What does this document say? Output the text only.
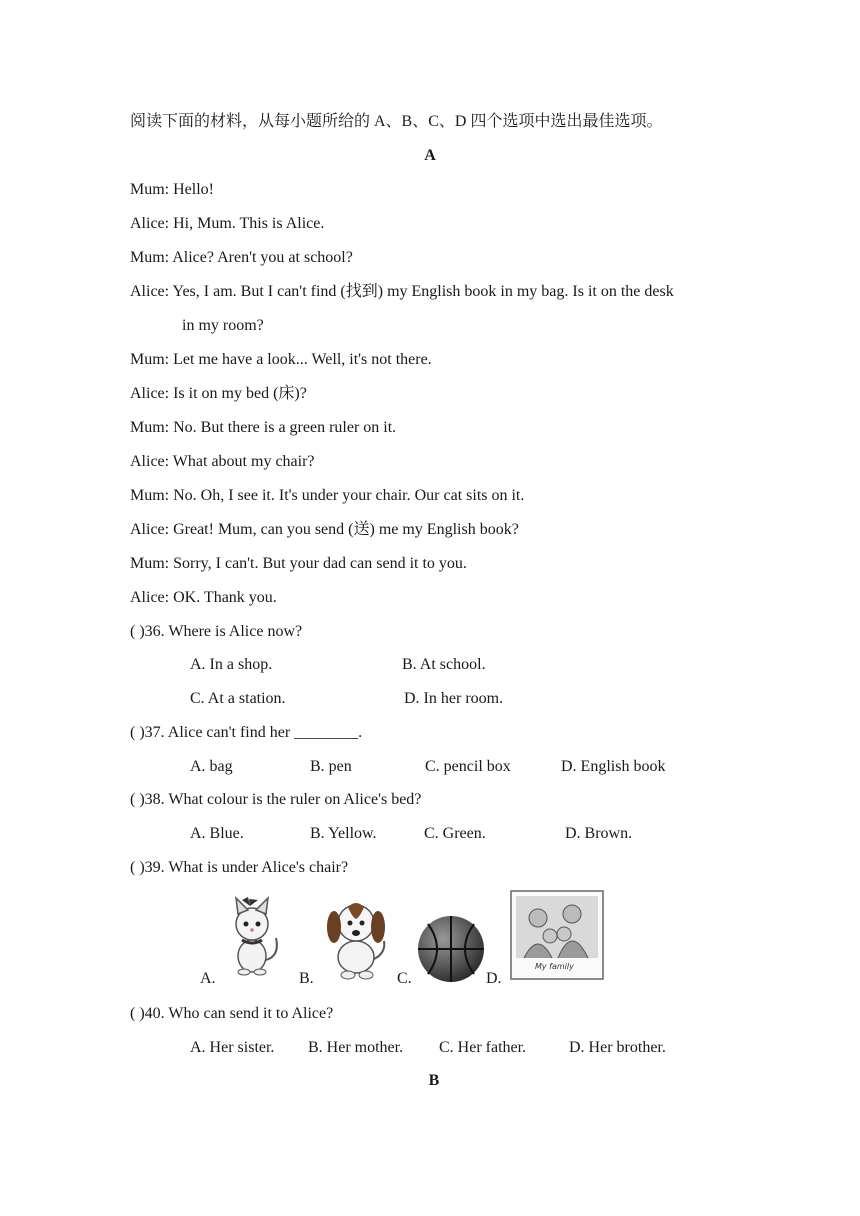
阅读下面的材料，从每小题所给的 A、B、C、D 四个选项中选出最佳选项。
A
Mum: Hello!
Alice: Hi, Mum. This is Alice.
Mum: Alice? Aren't you at school?
Alice: Yes, I am. But I can't find (找到) my English book in my bag. Is it on the desk
in my room?
Mum: Let me have a look... Well, it's not there.
Alice: Is it on my bed (床)?
Mum: No. But there is a green ruler on it.
Alice: What about my chair?
Mum: No. Oh, I see it. It's under your chair. Our cat sits on it.
Alice: Great! Mum, can you send (送) me my English book?
Mum: Sorry, I can't. But your dad can send it to you.
Alice: OK. Thank you.
( )36. Where is Alice now?
A. In a shop.	B. At school.
C. At a station.	D. In her room.
( )37. Alice can't find her ________.
A. bag	B. pen	C. pencil box	D. English book
( )38. What colour is the ruler on Alice's bed?
A. Blue.	B. Yellow.	C. Green.	D. Brown.
( )39. What is under Alice's chair?
A.	B.	C.	D.
My family
( )40. Who can send it to Alice?
A. Her sister. B. Her mother. C. Her father.	D. Her brother.
B
